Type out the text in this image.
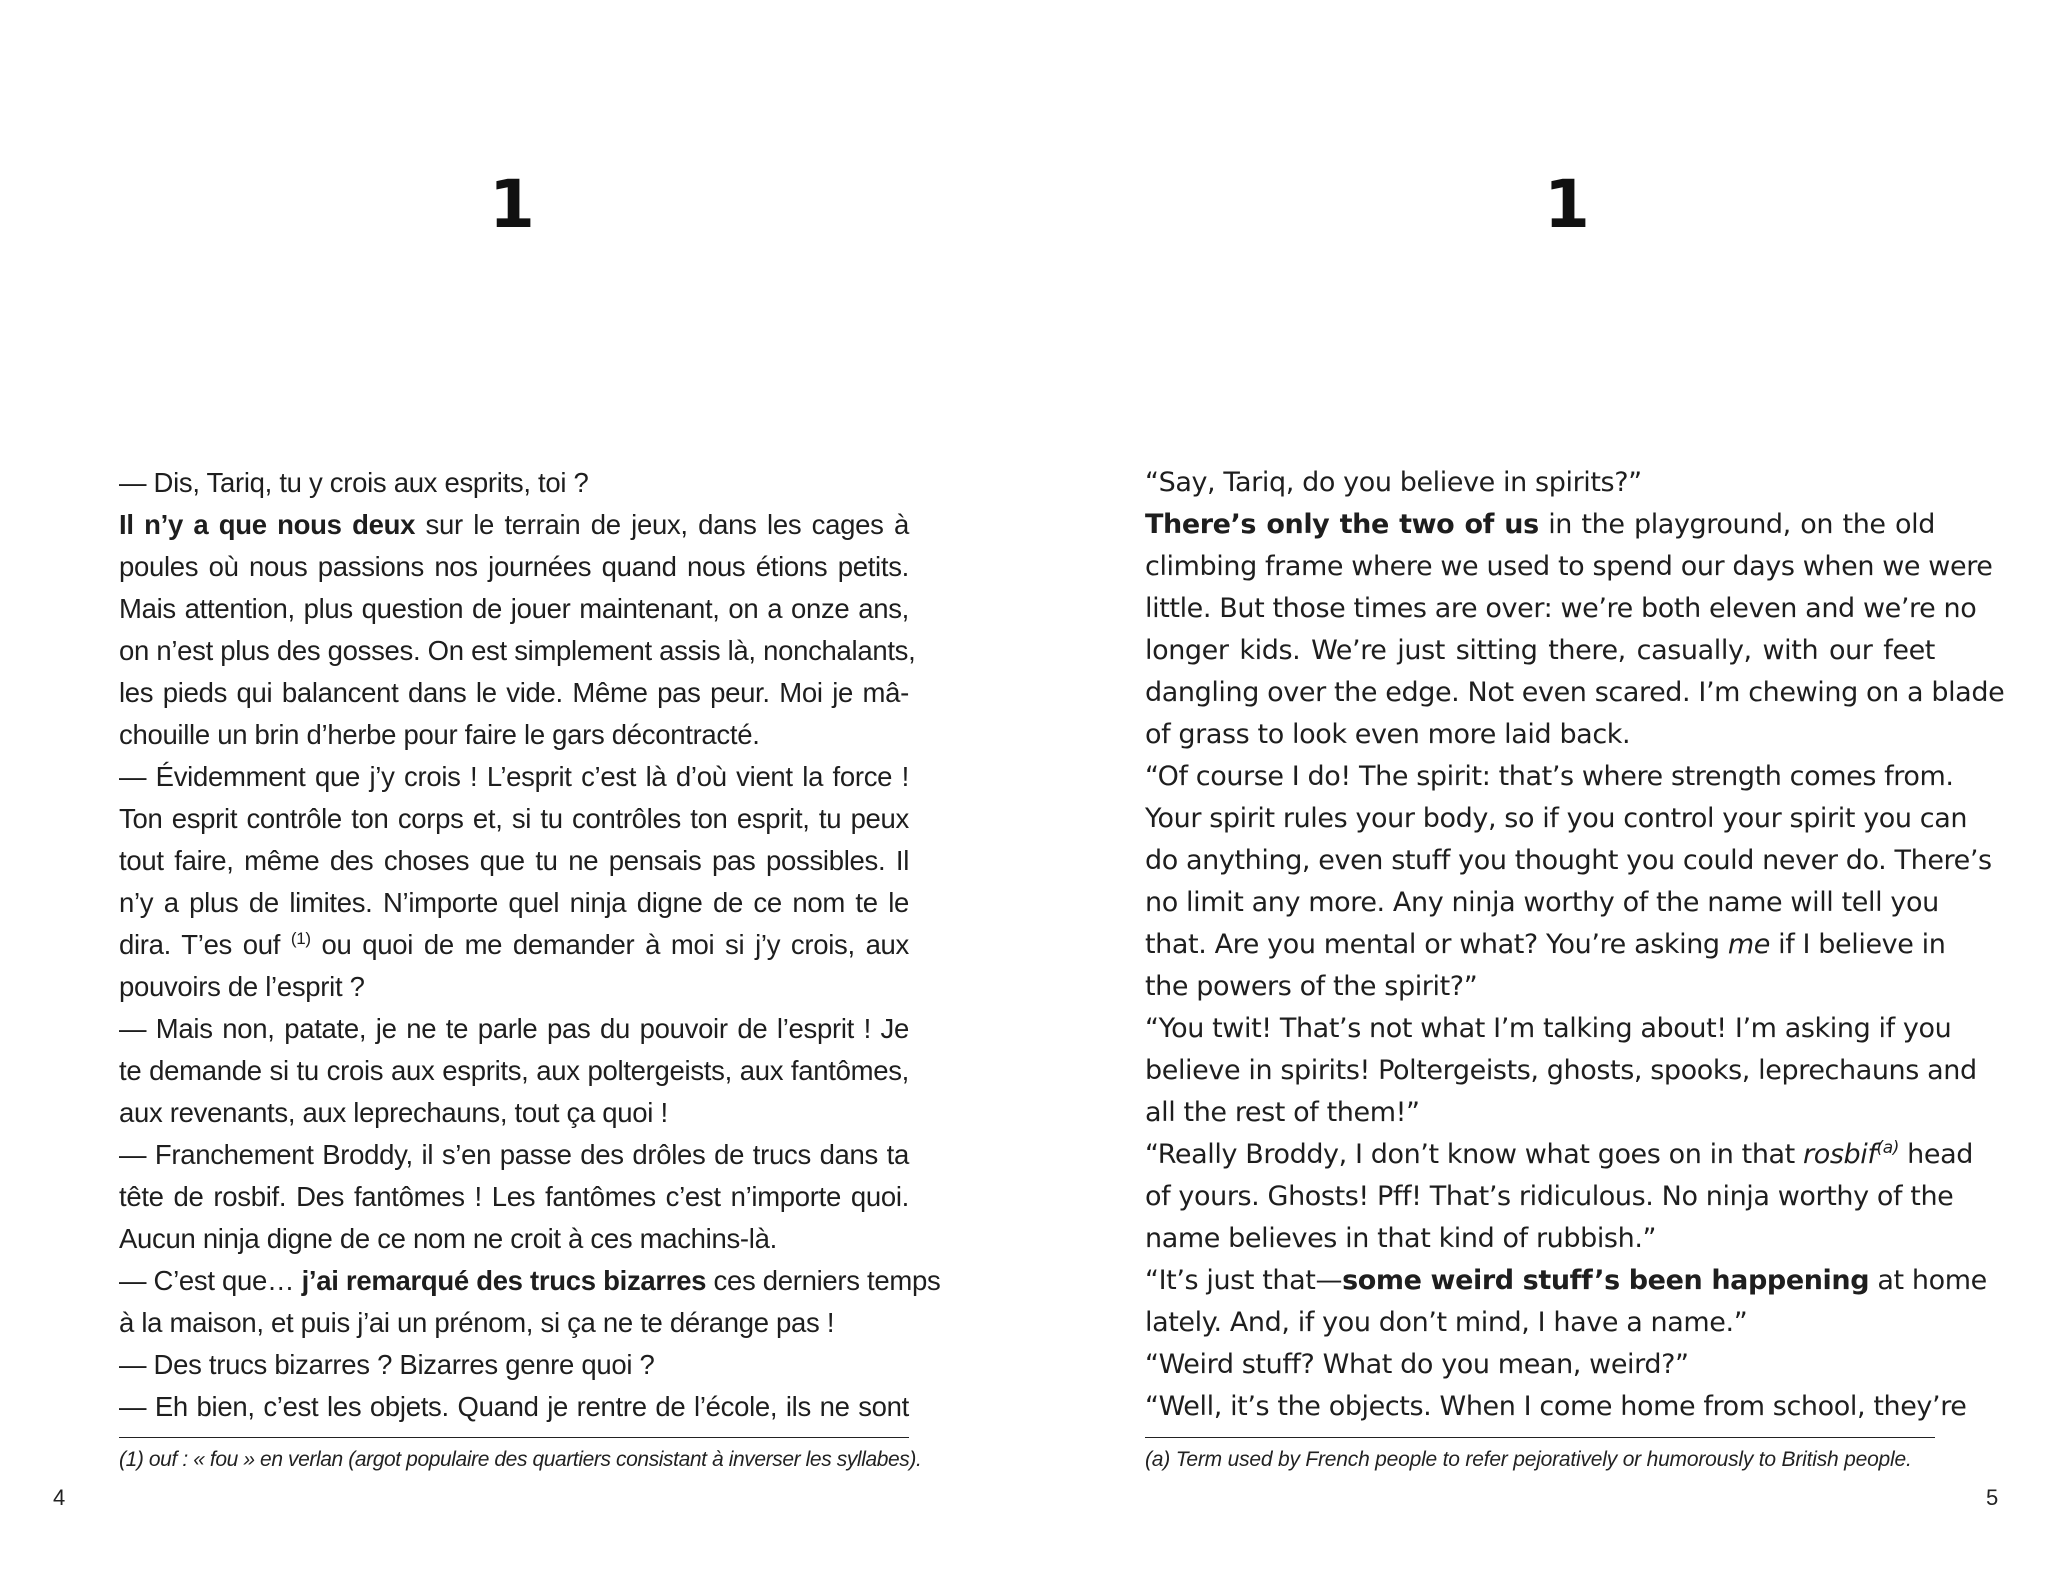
1
— Dis, Tariq, tu y crois aux esprits, toi ?
Il n’y a que nous deux sur le terrain de jeux, dans les cages à
poules où nous passions nos journées quand nous étions petits.
Mais attention, plus question de jouer maintenant, on a onze ans,
on n’est plus des gosses. On est simplement assis là, nonchalants,
les pieds qui balancent dans le vide. Même pas peur. Moi je mâ-
chouille un brin d’herbe pour faire le gars décontracté.
— Évidemment que j’y crois ! L’esprit c’est là d’où vient la force !
Ton esprit contrôle ton corps et, si tu contrôles ton esprit, tu peux
tout faire, même des choses que tu ne pensais pas possibles. Il
n’y a plus de limites. N’importe quel ninja digne de ce nom te le
dira. T’es ouf $^{(1)}$ ou quoi de me demander à moi si j’y crois, aux
pouvoirs de l’esprit ?
— Mais non, patate, je ne te parle pas du pouvoir de l’esprit ! Je
te demande si tu crois aux esprits, aux poltergeists, aux fantômes,
aux revenants, aux leprechauns, tout ça quoi !
— Franchement Broddy, il s’en passe des drôles de trucs dans ta
tête de rosbif. Des fantômes ! Les fantômes c’est n’importe quoi.
Aucun ninja digne de ce nom ne croit à ces machins-là.
— C’est que… j’ai remarqué des trucs bizarres ces derniers temps
à la maison, et puis j’ai un prénom, si ça ne te dérange pas !
— Des trucs bizarres ? Bizarres genre quoi ?
— Eh bien, c’est les objets. Quand je rentre de l’école, ils ne sont
(1) ouf : « fou » en verlan (argot populaire des quartiers consistant à inverser les syllabes).
4
1
“Say, Tariq, do you believe in spirits?”
There’s only the two of us in the playground, on the old
climbing frame where we used to spend our days when we were
little. But those times are over: we’re both eleven and we’re no
longer kids. We’re just sitting there, casually, with our feet
dangling over the edge. Not even scared. I’m chewing on a blade
of grass to look even more laid back.
“Of course I do! The spirit: that’s where strength comes from.
Your spirit rules your body, so if you control your spirit you can
do anything, even stuff you thought you could never do. There’s
no limit any more. Any ninja worthy of the name will tell you
that. Are you mental or what? You’re asking me if I believe in
the powers of the spirit?”
“You twit! That’s not what I’m talking about! I’m asking if you
believe in spirits! Poltergeists, ghosts, spooks, leprechauns and
all the rest of them!”
“Really Broddy, I don’t know what goes on in that rosbif$^{(a)}$ head
of yours. Ghosts! Pff! That’s ridiculous. No ninja worthy of the
name believes in that kind of rubbish.”
“It’s just that—some weird stuff’s been happening at home
lately. And, if you don’t mind, I have a name.”
“Weird stuff? What do you mean, weird?”
“Well, it’s the objects. When I come home from school, they’re
(a) Term used by French people to refer pejoratively or humorously to British people.
5
